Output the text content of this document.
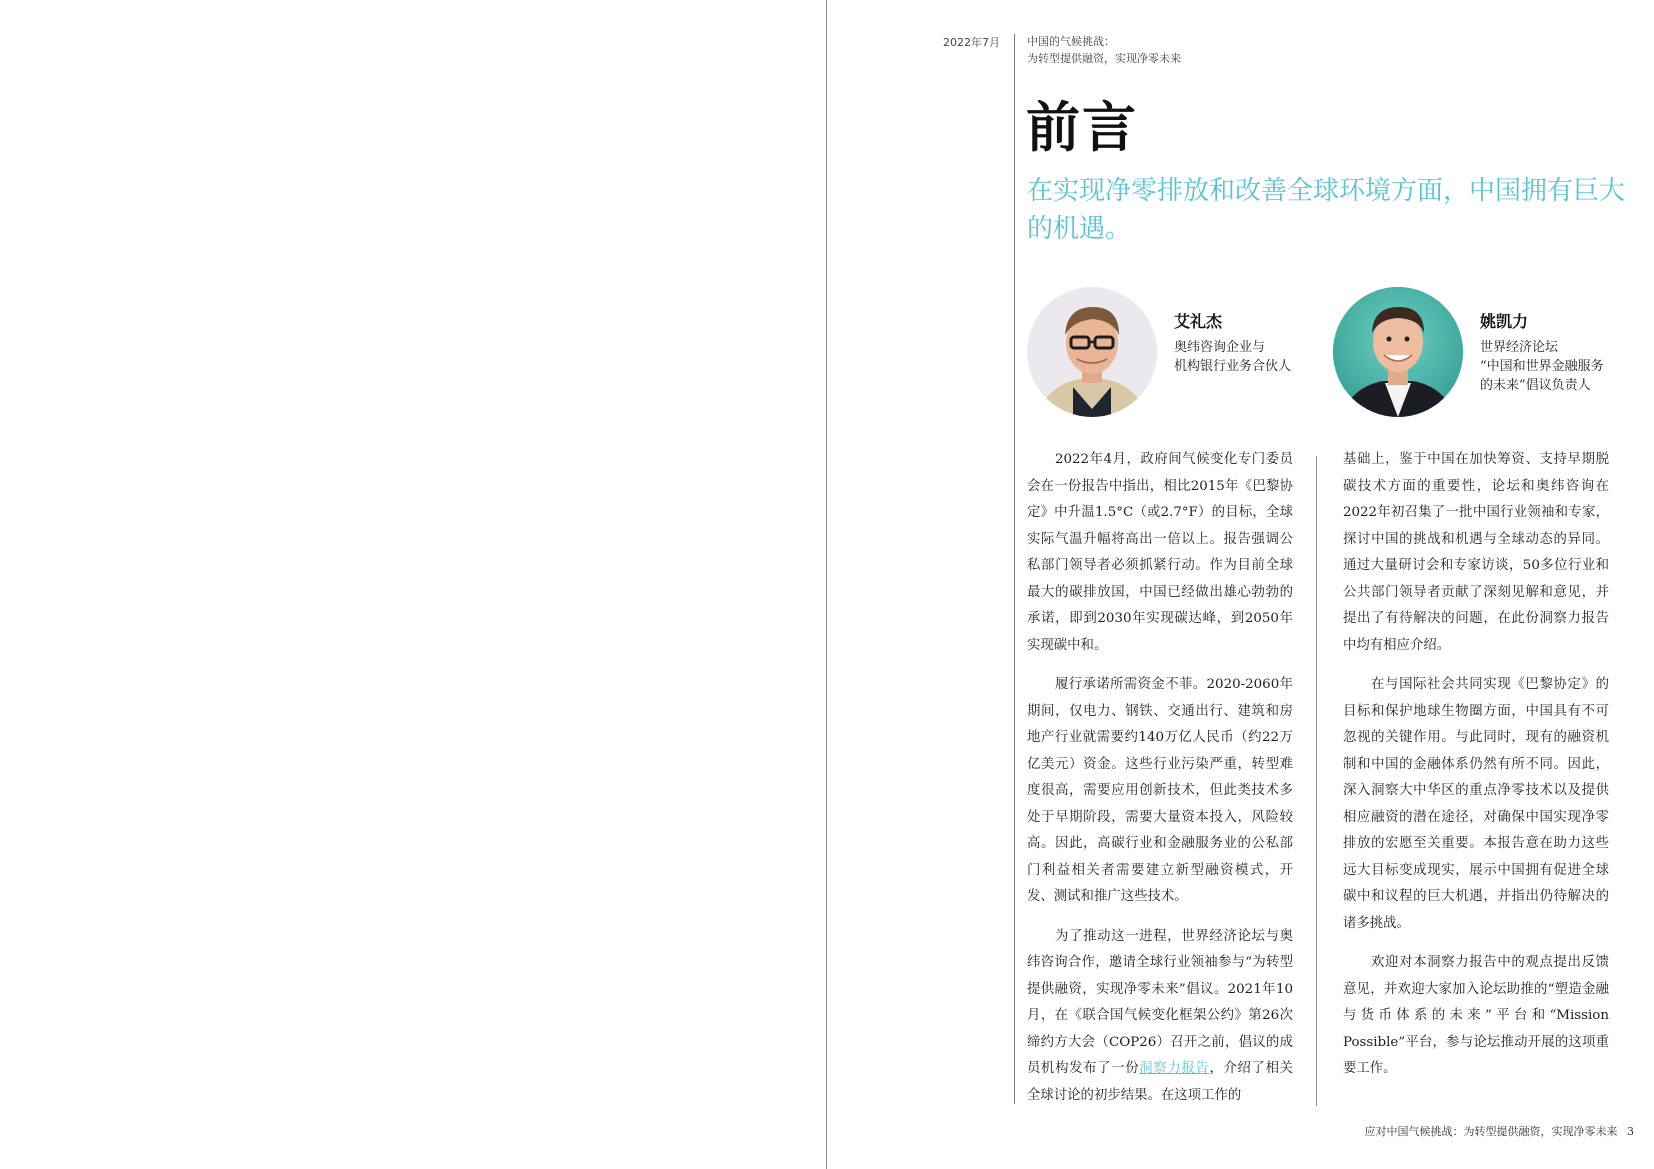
2022年7月 中国的气候挑战：
为转型提供融资，实现净零未来
前言
在实现净零排放和改善全球环境方面，中国拥有巨大的机遇。
艾礼杰
奥纬咨询企业与
机构银行业务合伙人
姚凯力
世界经济论坛
“中国和世界金融服务
的未来”倡议负责人

2022年4月，政府间气候变化专门委员会在一份报告中指出，相比2015年《巴黎协定》中升温1.5°C（或2.7°F）的目标，全球实际气温升幅将高出一倍以上。报告强调公私部门领导者必须抓紧行动。作为目前全球最大的碳排放国，中国已经做出雄心勃勃的承诺，即到2030年实现碳达峰，到2050年实现碳中和。

履行承诺所需资金不菲。2020-2060年期间，仅电力、钢铁、交通出行、建筑和房地产行业就需要约140万亿人民币（约22万亿美元）资金。这些行业污染严重，转型难度很高，需要应用创新技术，但此类技术多处于早期阶段，需要大量资本投入，风险较高。因此，高碳行业和金融服务业的公私部门利益相关者需要建立新型融资模式，开发、测试和推广这些技术。

为了推动这一进程，世界经济论坛与奥纬咨询合作，邀请全球行业领袖参与“为转型提供融资，实现净零未来”倡议。2021年10月，在《联合国气候变化框架公约》第26次缔约方大会（COP26）召开之前，倡议的成员机构发布了一份洞察力报告，介绍了相关全球讨论的初步结果。在这项工作的

基础上，鉴于中国在加快筹资、支持早期脱碳技术方面的重要性，论坛和奥纬咨询在2022年初召集了一批中国行业领袖和专家，探讨中国的挑战和机遇与全球动态的异同。通过大量研讨会和专家访谈，50多位行业和公共部门领导者贡献了深刻见解和意见，并提出了有待解决的问题，在此份洞察力报告中均有相应介绍。

在与国际社会共同实现《巴黎协定》的目标和保护地球生物圈方面，中国具有不可忽视的关键作用。与此同时，现有的融资机制和中国的金融体系仍然有所不同。因此，深入洞察大中华区的重点净零技术以及提供相应融资的潜在途径，对确保中国实现净零排放的宏愿至关重要。本报告意在助力这些远大目标变成现实，展示中国拥有促进全球碳中和议程的巨大机遇，并指出仍待解决的诸多挑战。

欢迎对本洞察力报告中的观点提出反馈意见，并欢迎大家加入论坛助推的“塑造金融与货币体系的未来”平台和“Mission Possible”平台，参与论坛推动开展的这项重要工作。

应对中国气候挑战：为转型提供融资，实现净零未来 3
